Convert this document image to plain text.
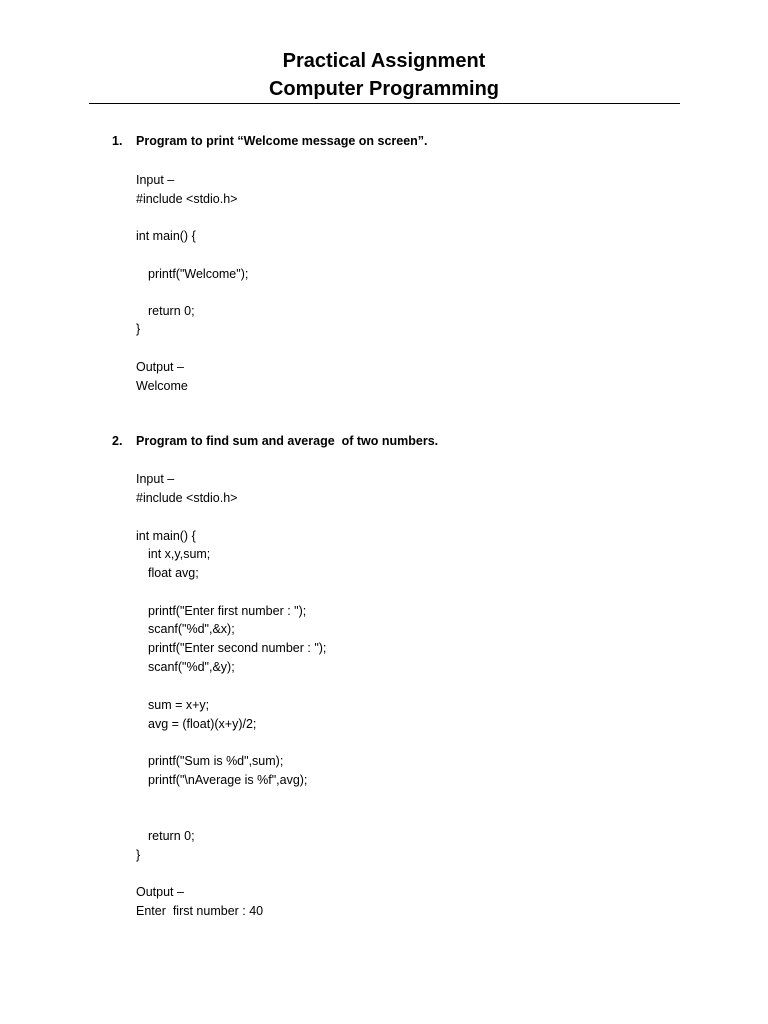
Practical Assignment

Computer Programming

1. Program to print “Welcome message on screen”.
Input –
#include <stdio.h>
int main() {
printf("Welcome");
return 0;
}
Output –
Welcome
2. Program to find sum and average  of two numbers.
Input –
#include <stdio.h>
int main() {
int x,y,sum;
float avg;
printf("Enter first number : ");
scanf("%d",&x);
printf("Enter second number : ");
scanf("%d",&y);
sum = x+y;
avg = (float)(x+y)/2;
printf("Sum is %d",sum);
printf("\nAverage is %f",avg);
return 0;
}
Output –
Enter  first number : 40
